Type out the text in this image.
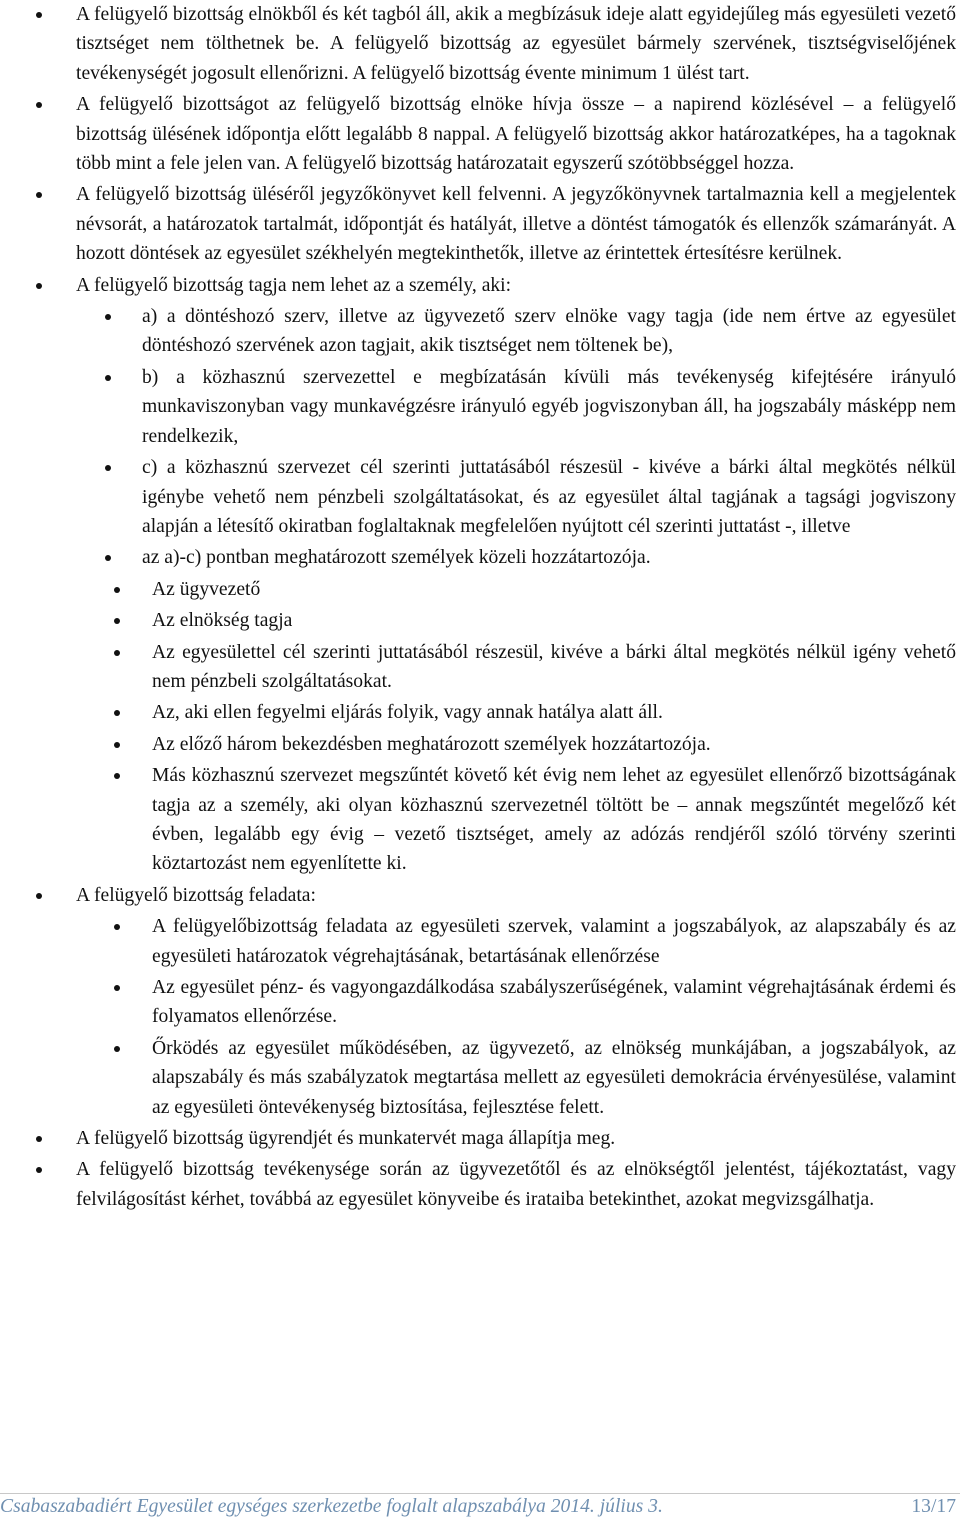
A felügyelő bizottság elnökből és két tagból áll, akik a megbízásuk ideje alatt egyidejűleg más egyesületi vezető tisztséget nem tölthetnek be. A felügyelő bizottság az egyesület bármely szervének, tisztségviselőjének tevékenységét jogosult ellenőrizni. A felügyelő bizottság évente minimum 1 ülést tart.
A felügyelő bizottságot az felügyelő bizottság elnöke hívja össze – a napirend közlésével – a felügyelő bizottság ülésének időpontja előtt legalább 8 nappal. A felügyelő bizottság akkor határozatképes, ha a tagoknak több mint a fele jelen van. A felügyelő bizottság határozatait egyszerű szótöbbséggel hozza.
A felügyelő bizottság üléséről jegyzőkönyvet kell felvenni. A jegyzőkönyvnek tartalmaznia kell a megjelentek névsorát, a határozatok tartalmát, időpontját és hatályát, illetve a döntést támogatók és ellenzők számarányát. A hozott döntések az egyesület székhelyén megtekinthetők, illetve az érintettek értesítésre kerülnek.
A felügyelő bizottság tagja nem lehet az a személy, aki:
a) a döntéshozó szerv, illetve az ügyvezető szerv elnöke vagy tagja (ide nem értve az egyesület döntéshozó szervének azon tagjait, akik tisztséget nem töltenek be),
b) a közhasznú szervezettel e megbízatásán kívüli más tevékenység kifejtésére irányuló munkaviszonyban vagy munkavégzésre irányuló egyéb jogviszonyban áll, ha jogszabály másképp nem rendelkezik,
c) a közhasznú szervezet cél szerinti juttatásából részesül - kivéve a bárki által megkötés nélkül igénybe vehető nem pénzbeli szolgáltatásokat, és az egyesület által tagjának a tagsági jogviszony alapján a létesítő okiratban foglaltaknak megfelelően nyújtott cél szerinti juttatást -, illetve
az a)-c) pontban meghatározott személyek közeli hozzátartozója.
Az ügyvezető
Az elnökség tagja
Az egyesülettel cél szerinti juttatásából részesül, kivéve a bárki által megkötés nélkül igény vehető nem pénzbeli szolgáltatásokat.
Az, aki ellen fegyelmi eljárás folyik, vagy annak hatálya alatt áll.
Az előző három bekezdésben meghatározott személyek hozzátartozója.
Más közhasznú szervezet megszűntét követő két évig nem lehet az egyesület ellenőrző bizottságának tagja az a személy, aki olyan közhasznú szervezetnél töltött be – annak megszűntét megelőző két évben, legalább egy évig – vezető tisztséget, amely az adózás rendjéről szóló törvény szerinti köztartozást nem egyenlítette ki.
A felügyelő bizottság feladata:
A felügyelőbizottság feladata az egyesületi szervek, valamint a jogszabályok, az alapszabály és az egyesületi határozatok végrehajtásának, betartásának ellenőrzése
Az egyesület pénz- és vagyongazdálkodása szabályszerűségének, valamint végrehajtásának érdemi és folyamatos ellenőrzése.
Őrködés az egyesület működésében, az ügyvezető, az elnökség munkájában, a jogszabályok, az alapszabály és más szabályzatok megtartása mellett az egyesületi demokrácia érvényesülése, valamint az egyesületi öntevékenység biztosítása, fejlesztése felett.
A felügyelő bizottság ügyrendjét és munkatervét maga állapítja meg.
A felügyelő bizottság tevékenysége során az ügyvezetőtől és az elnökségtől jelentést, tájékoztatást, vagy felvilágosítást kérhet, továbbá az egyesület könyveibe és irataiba betekinthet, azokat megvizsgálhatja.
Csabaszabadiért Egyesület egységes szerkezetbe foglalt alapszabálya 2014. július 3.	13/17
